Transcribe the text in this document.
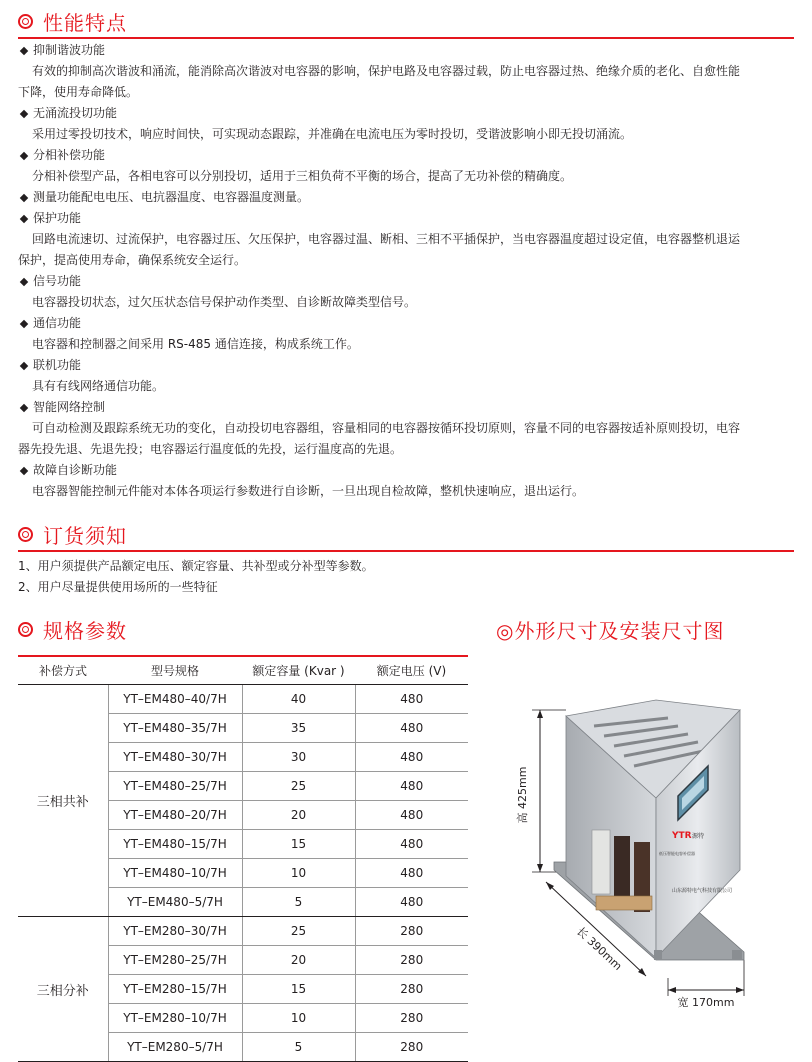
性能特点
抑制谐波功能
有效的抑制高次谐波和涌流，能消除高次谐波对电容器的影响，保护电路及电容器过载，防止电容器过热、绝缘介质的老化、自愈性能
下降，使用寿命降低。
无涌流投切功能
采用过零投切技术，响应时间快，可实现动态跟踪，并准确在电流电压为零时投切，受谐波影响小即无投切涌流。
分相补偿功能
分相补偿型产品，各相电容可以分别投切，适用于三相负荷不平衡的场合，提高了无功补偿的精确度。
测量功能配电电压、电抗器温度、电容器温度测量。
保护功能
回路电流速切、过流保护，电容器过压、欠压保护，电容器过温、断相、三相不平插保护，当电容器温度超过设定值，电容器整机退运
保护，提高使用寿命，确保系统安全运行。
信号功能
电容器投切状态，过欠压状态信号保护动作类型、自诊断故障类型信号。
通信功能
电容器和控制器之间采用 RS-485 通信连接，构成系统工作。
联机功能
具有有线网络通信功能。
智能网络控制
可自动检测及跟踪系统无功的变化，自动投切电容器组，容量相同的电容器按循环投切原则，容量不同的电容器按适补原则投切，电容
器先投先退、先退先投；电容器运行温度低的先投，运行温度高的先退。
故障自诊断功能
电容器智能控制元件能对本体各项运行参数进行自诊断，一旦出现自检故障，整机快速响应，退出运行。
订货须知
1、用户须提供产品额定电压、额定容量、共补型或分补型等参数。
2、用户尽量提供使用场所的一些特征
规格参数	◎外形尺寸及安装尺寸图
补偿方式	型号规格	额定容量 (Kvar )	额定电压 (V)
三相共补	YT–EM480–40/7H	40	480
	YT–EM480–35/7H	35	480
	YT–EM480–30/7H	30	480
	YT–EM480–25/7H	25	480
	YT–EM480–20/7H	20	480
	YT–EM480–15/7H	15	480
	YT–EM480–10/7H	10	480
	YT–EM480–5/7H	5	480
三相分补	YT–EM280–30/7H	25	280
	YT–EM280–25/7H	20	280
	YT–EM280–15/7H	15	280
	YT–EM280–10/7H	10	280
	YT–EM280–5/7H	5	280
高 425mm
长 390mm
宽 170mm
YTR 源特
低压智能电容补偿器
山东源特电气科技有限公司
